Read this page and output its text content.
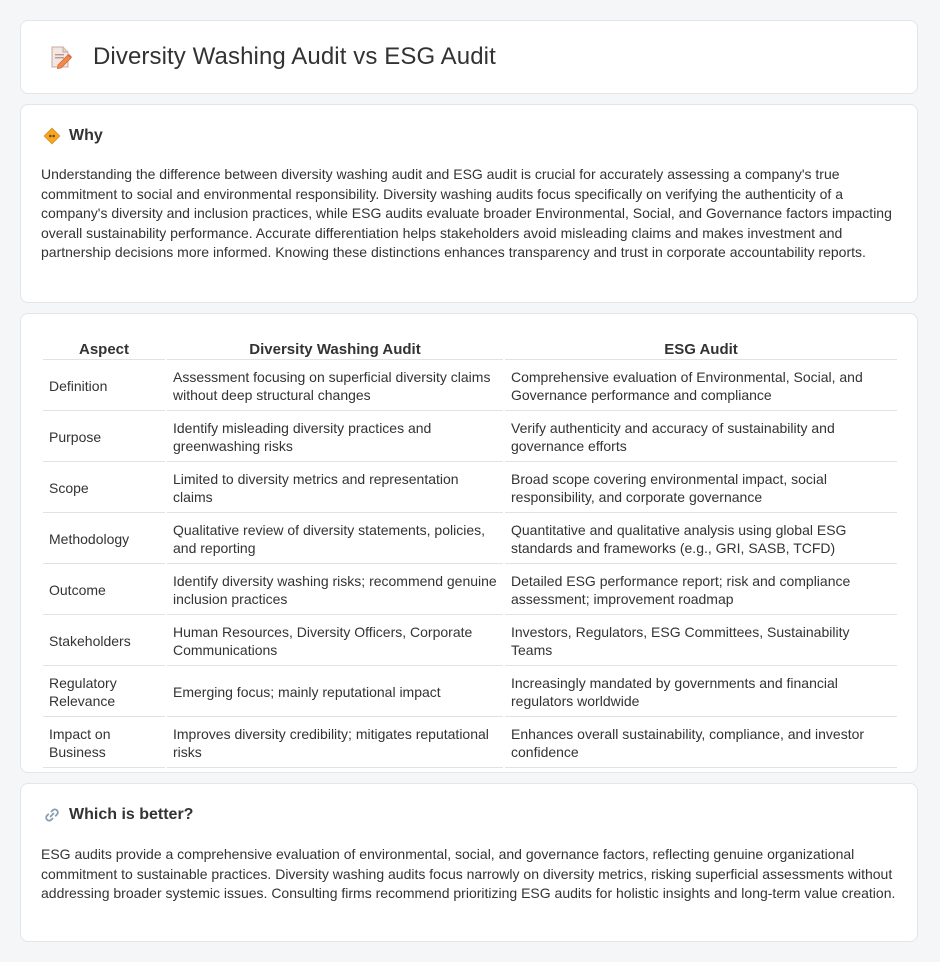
Diversity Washing Audit vs ESG Audit
Why

Understanding the difference between diversity washing audit and ESG audit is crucial for accurately assessing a company's true commitment to social and environmental responsibility. Diversity washing audits focus specifically on verifying the authenticity of a company's diversity and inclusion practices, while ESG audits evaluate broader Environmental, Social, and Governance factors impacting overall sustainability performance. Accurate differentiation helps stakeholders avoid misleading claims and makes investment and partnership decisions more informed. Knowing these distinctions enhances transparency and trust in corporate accountability reports.

Aspect	Diversity Washing Audit	ESG Audit
Definition	Assessment focusing on superficial diversity claims without deep structural changes	Comprehensive evaluation of Environmental, Social, and Governance performance and compliance
Purpose	Identify misleading diversity practices and greenwashing risks	Verify authenticity and accuracy of sustainability and governance efforts
Scope	Limited to diversity metrics and representation claims	Broad scope covering environmental impact, social responsibility, and corporate governance
Methodology	Qualitative review of diversity statements, policies, and reporting	Quantitative and qualitative analysis using global ESG standards and frameworks (e.g., GRI, SASB, TCFD)
Outcome	Identify diversity washing risks; recommend genuine inclusion practices	Detailed ESG performance report; risk and compliance assessment; improvement roadmap
Stakeholders	Human Resources, Diversity Officers, Corporate Communications	Investors, Regulators, ESG Committees, Sustainability Teams
Regulatory Relevance	Emerging focus; mainly reputational impact	Increasingly mandated by governments and financial regulators worldwide
Impact on Business	Improves diversity credibility; mitigates reputational risks	Enhances overall sustainability, compliance, and investor confidence
Which is better?

ESG audits provide a comprehensive evaluation of environmental, social, and governance factors, reflecting genuine organizational commitment to sustainable practices. Diversity washing audits focus narrowly on diversity metrics, risking superficial assessments without addressing broader systemic issues. Consulting firms recommend prioritizing ESG audits for holistic insights and long-term value creation.
